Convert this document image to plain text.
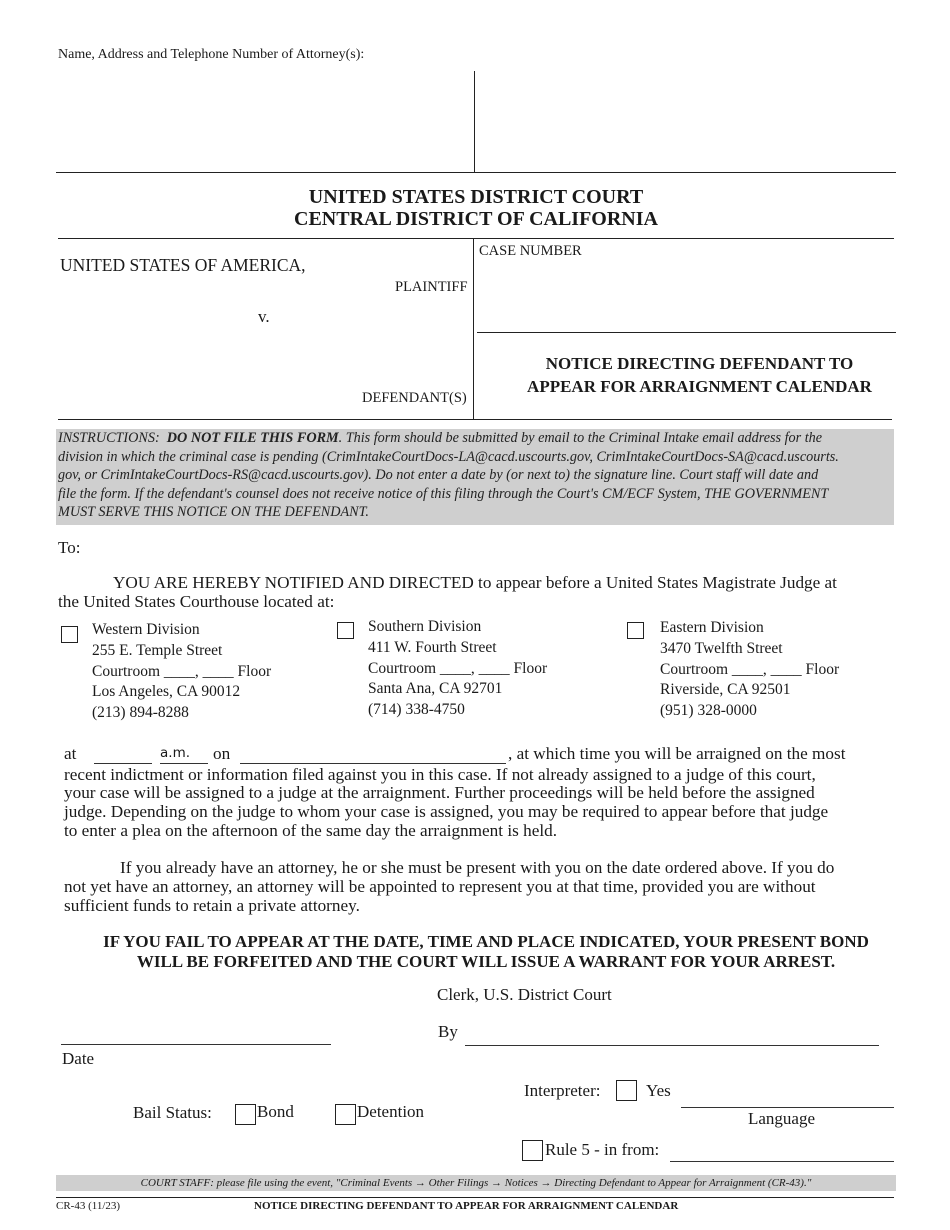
Name, Address and Telephone Number of Attorney(s):
UNITED STATES DISTRICT COURT
CENTRAL DISTRICT OF CALIFORNIA
UNITED STATES OF AMERICA,
PLAINTIFF
v.
DEFENDANT(S)
CASE NUMBER
NOTICE DIRECTING DEFENDANT TO
APPEAR FOR ARRAIGNMENT CALENDAR
INSTRUCTIONS: DO NOT FILE THIS FORM. This form should be submitted by email to the Criminal Intake email address for the
division in which the criminal case is pending (CrimIntakeCourtDocs-LA@cacd.uscourts.gov, CrimIntakeCourtDocs-SA@cacd.uscourts.
gov, or CrimIntakeCourtDocs-RS@cacd.uscourts.gov). Do not enter a date by (or next to) the signature line. Court staff will date and
file the form. If the defendant's counsel does not receive notice of this filing through the Court's CM/ECF System, THE GOVERNMENT
MUST SERVE THIS NOTICE ON THE DEFENDANT.
To:
YOU ARE HEREBY NOTIFIED AND DIRECTED to appear before a United States Magistrate Judge at
the United States Courthouse located at:
Western Division
255 E. Temple Street
Courtroom ____, ____ Floor
Los Angeles, CA 90012
(213) 894-8288
Southern Division
411 W. Fourth Street
Courtroom ____, ____ Floor
Santa Ana, CA 92701
(714) 338-4750
Eastern Division
3470 Twelfth Street
Courtroom ____, ____ Floor
Riverside, CA 92501
(951) 328-0000
at	a.m.	on	, at which time you will be arraigned on the most
recent indictment or information filed against you in this case. If not already assigned to a judge of this court,
your case will be assigned to a judge at the arraignment. Further proceedings will be held before the assigned
judge. Depending on the judge to whom your case is assigned, you may be required to appear before that judge
to enter a plea on the afternoon of the same day the arraignment is held.
If you already have an attorney, he or she must be present with you on the date ordered above. If you do
not yet have an attorney, an attorney will be appointed to represent you at that time, provided you are without
sufficient funds to retain a private attorney.
IF YOU FAIL TO APPEAR AT THE DATE, TIME AND PLACE INDICATED, YOUR PRESENT BOND
WILL BE FORFEITED AND THE COURT WILL ISSUE A WARRANT FOR YOUR ARREST.
Clerk, U.S. District Court
By
Date
Interpreter:	Yes
Language
Bail Status:	Bond	Detention
Rule 5 - in from:
COURT STAFF: please file using the event, "Criminal Events → Other Filings → Notices → Directing Defendant to Appear for Arraignment (CR-43)."
CR-43 (11/23)	NOTICE DIRECTING DEFENDANT TO APPEAR FOR ARRAIGNMENT CALENDAR
